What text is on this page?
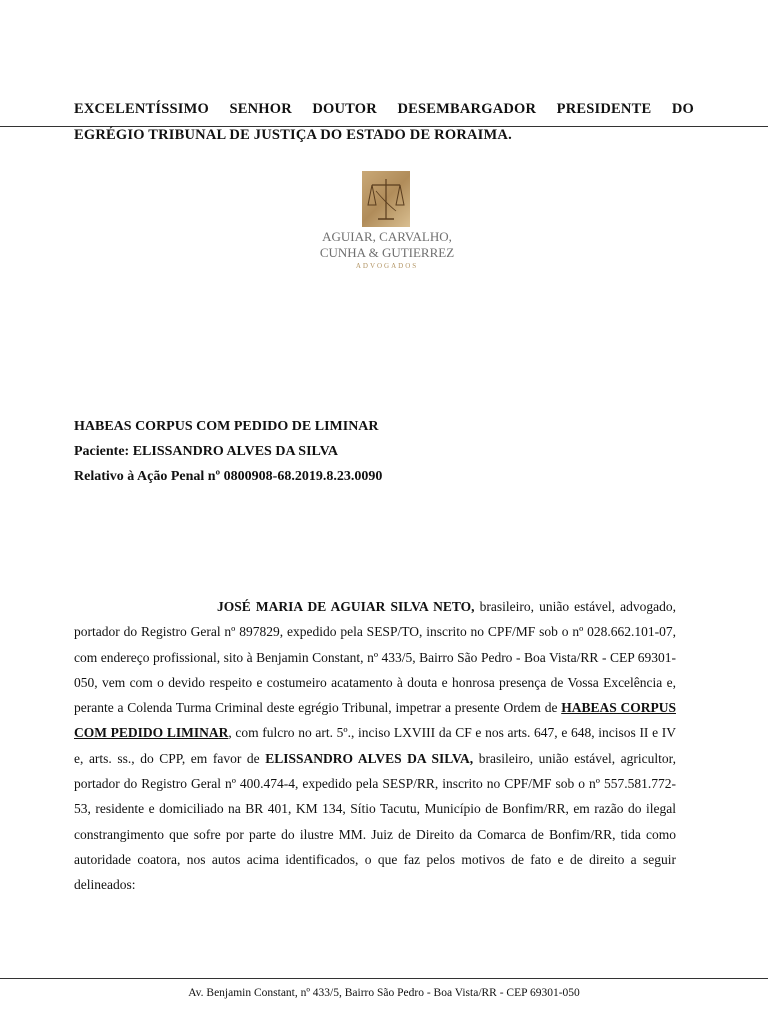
EXCELENTÍSSIMO SENHOR DOUTOR DESEMBARGADOR PRESIDENTE DO
EGRÉGIO TRIBUNAL DE JUSTIÇA DO ESTADO DE RORAIMA.
AGUIAR, CARVALHO,
CUNHA & GUTIERREZ
ADVOGADOS
HABEAS CORPUS COM PEDIDO DE LIMINAR
Paciente: ELISSANDRO ALVES DA SILVA
Relativo à Ação Penal nº 0800908-68.2019.8.23.0090
JOSÉ MARIA DE AGUIAR SILVA NETO, brasileiro, união estável, advogado, portador do Registro Geral nº 897829, expedido pela SESP/TO, inscrito no CPF/MF sob o nº 028.662.101-07, com endereço profissional, sito à Benjamin Constant, nº 433/5, Bairro São Pedro - Boa Vista/RR - CEP 69301-050, vem com o devido respeito e costumeiro acatamento à douta e honrosa presença de Vossa Excelência e, perante a Colenda Turma Criminal deste egrégio Tribunal, impetrar a presente Ordem de HABEAS CORPUS COM PEDIDO LIMINAR, com fulcro no art. 5º., inciso LXVIII da CF e nos arts. 647, e 648, incisos II e IV e, arts. ss., do CPP, em favor de ELISSANDRO ALVES DA SILVA, brasileiro, união estável, agricultor, portador do Registro Geral nº 400.474-4, expedido pela SESP/RR, inscrito no CPF/MF sob o nº 557.581.772-53, residente e domiciliado na BR 401, KM 134, Sítio Tacutu, Município de Bonfim/RR, em razão do ilegal constrangimento que sofre por parte do ilustre MM. Juiz de Direito da Comarca de Bonfim/RR, tida como autoridade coatora, nos autos acima identificados, o que faz pelos motivos de fato e de direito a seguir delineados:
Av. Benjamin Constant, nº 433/5, Bairro São Pedro - Boa Vista/RR - CEP 69301-050
